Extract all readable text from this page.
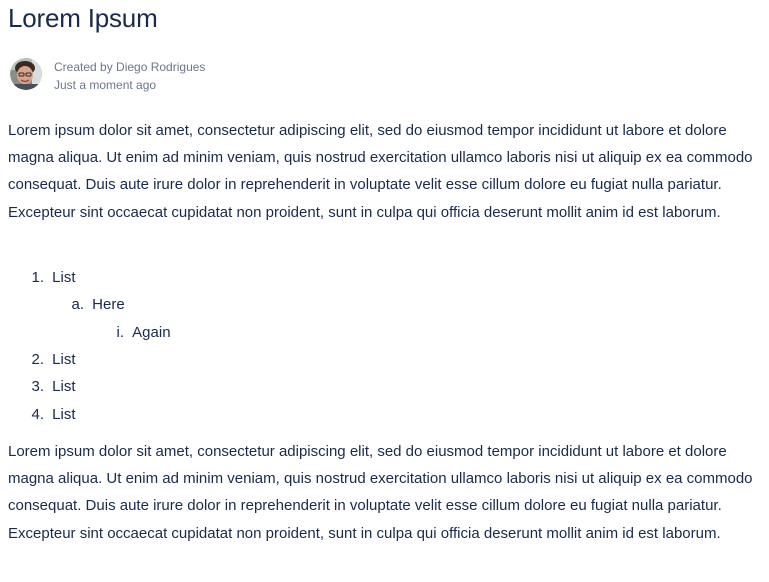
Lorem Ipsum
Created by Diego Rodrigues
Just a moment ago

Lorem ipsum dolor sit amet, consectetur adipiscing elit, sed do eiusmod tempor incididunt ut labore et dolore magna aliqua. Ut enim ad minim veniam, quis nostrud exercitation ullamco laboris nisi ut aliquip ex ea commodo consequat. Duis aute irure dolor in reprehenderit in voluptate velit esse cillum dolore eu fugiat nulla pariatur. Excepteur sint occaecat cupidatat non proident, sunt in culpa qui officia deserunt mollit anim id est laborum.

1. List
a. Here
i. Again
2. List
3. List
4. List

Lorem ipsum dolor sit amet, consectetur adipiscing elit, sed do eiusmod tempor incididunt ut labore et dolore magna aliqua. Ut enim ad minim veniam, quis nostrud exercitation ullamco laboris nisi ut aliquip ex ea commodo consequat. Duis aute irure dolor in reprehenderit in voluptate velit esse cillum dolore eu fugiat nulla pariatur. Excepteur sint occaecat cupidatat non proident, sunt in culpa qui officia deserunt mollit anim id est laborum.
